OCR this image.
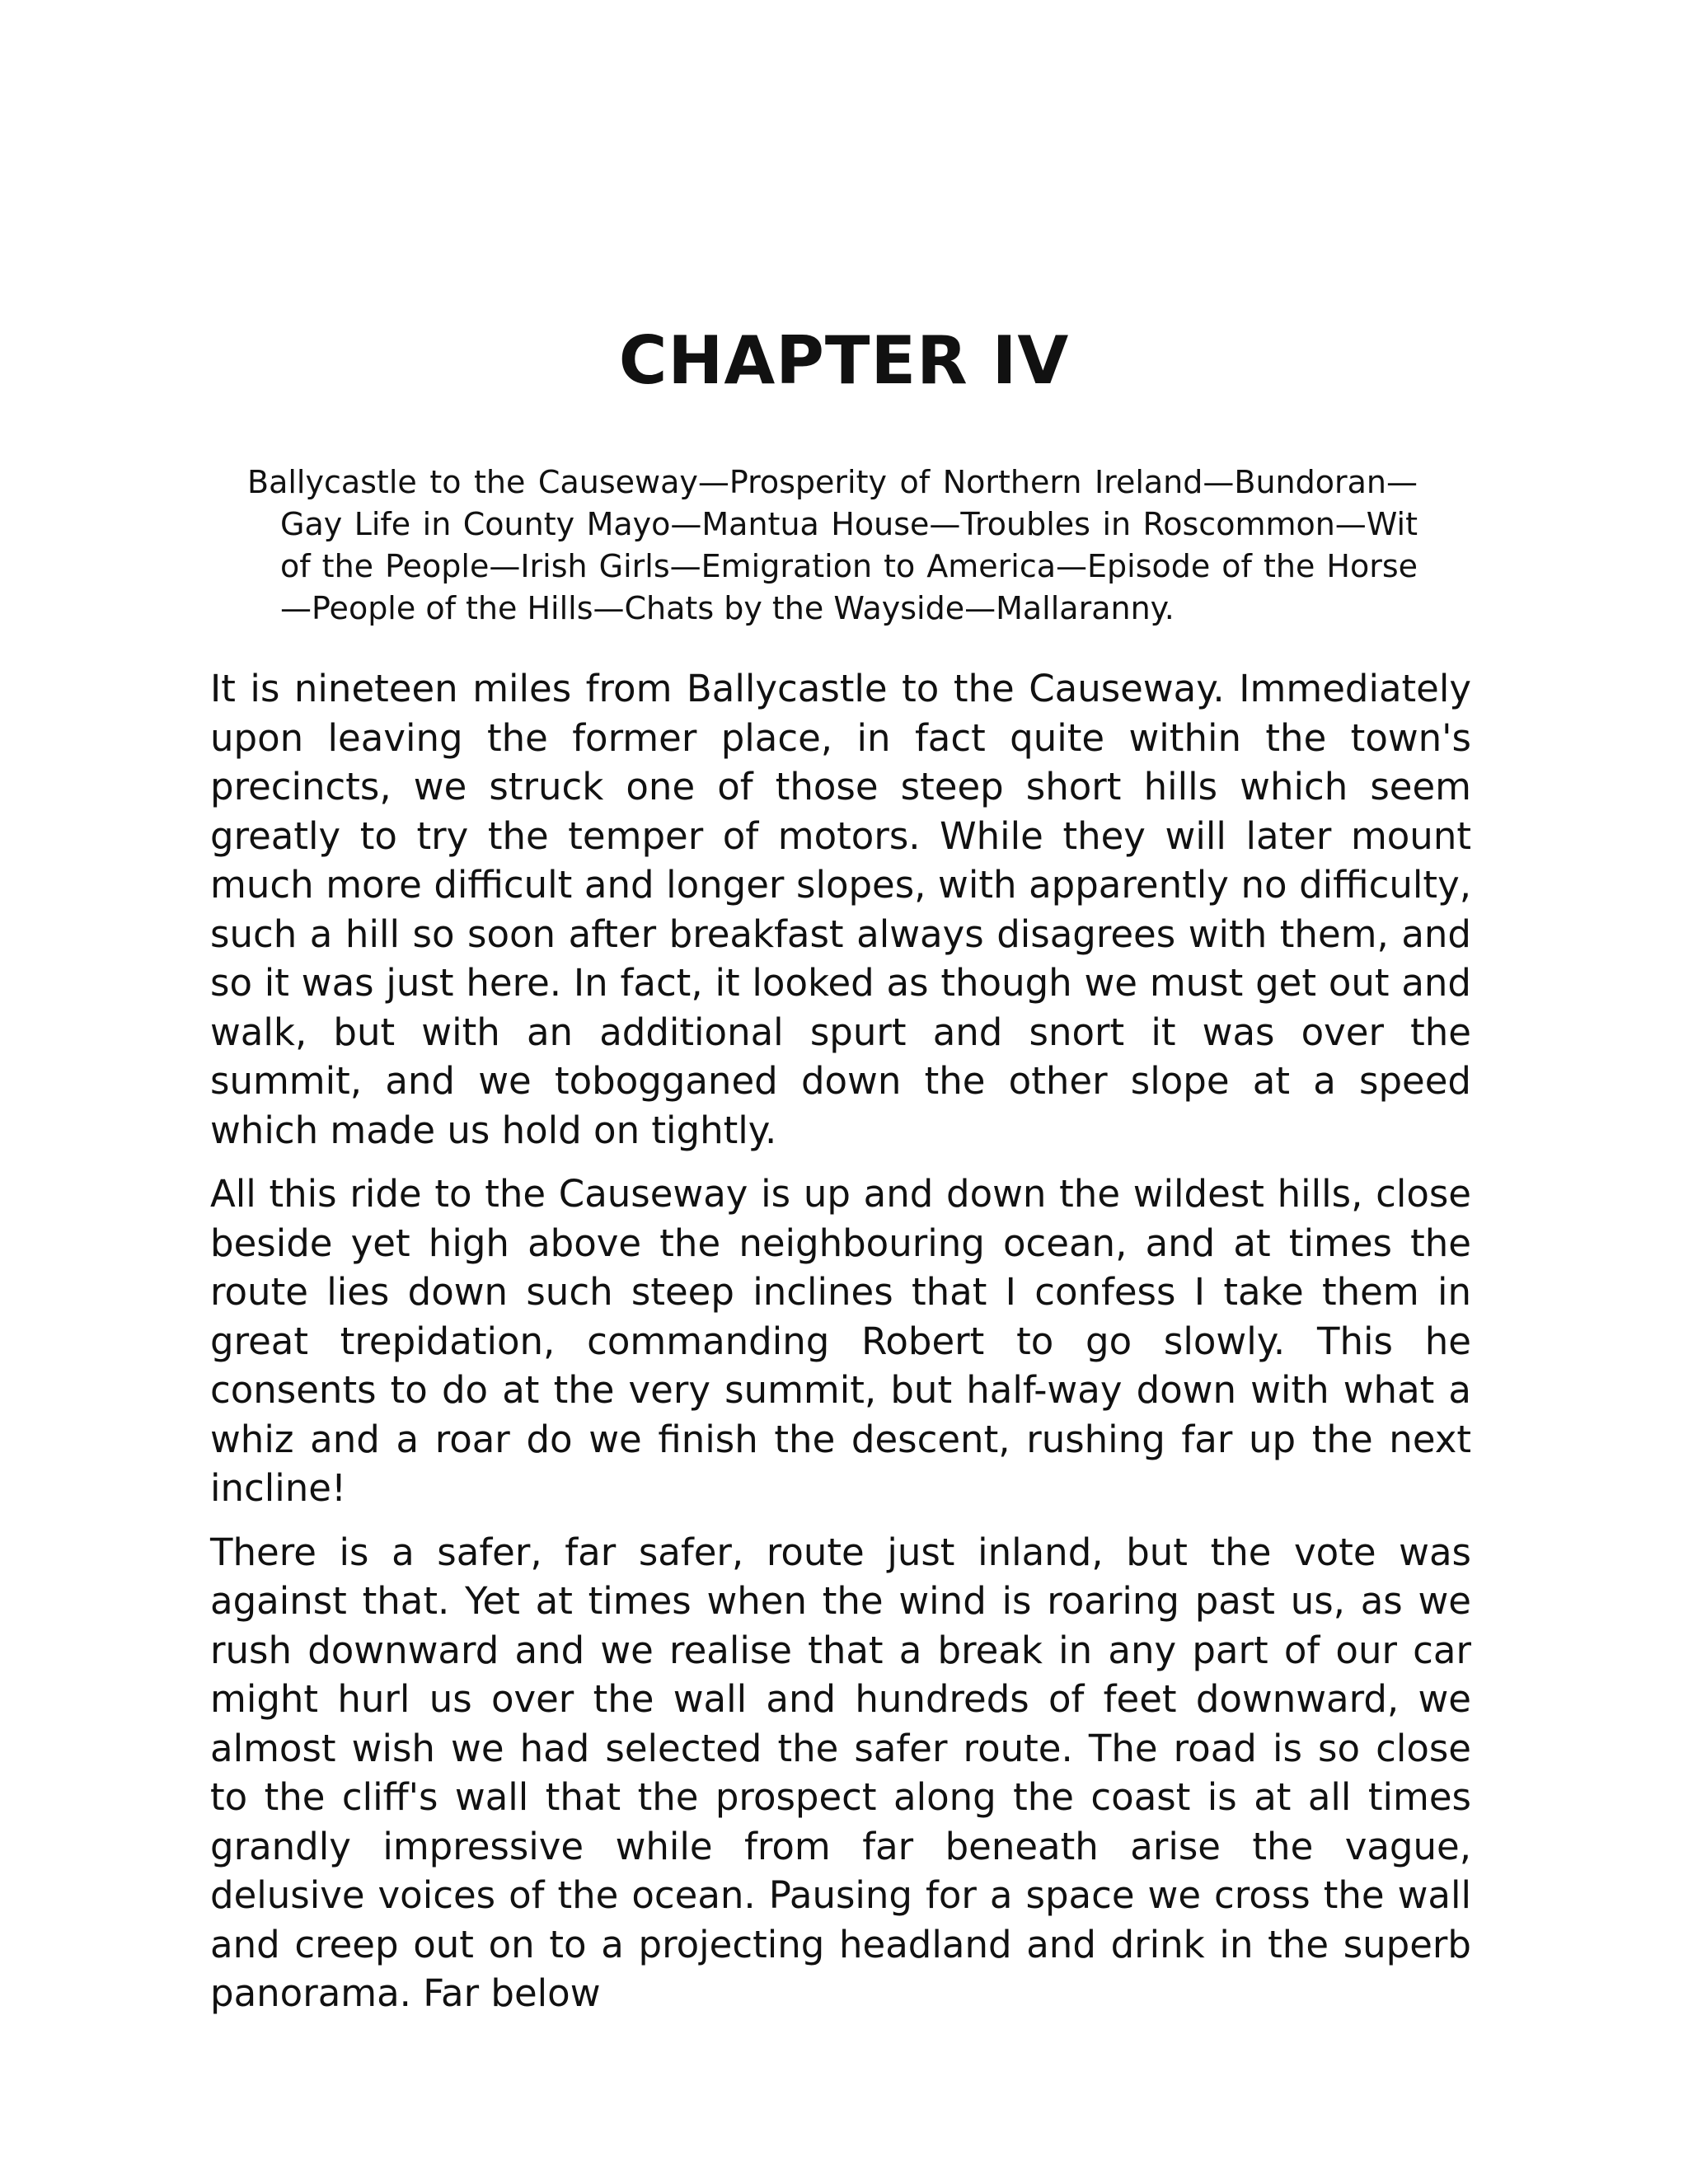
CHAPTER IV

Ballycastle to the Causeway—Prosperity of Northern Ireland—Bundoran—Gay Life in County Mayo—Mantua House—Troubles in Roscommon—Wit of the People—Irish Girls—Emigration to America—Episode of the Horse—People of the Hills—Chats by the Wayside—Mallaranny.

It is nineteen miles from Ballycastle to the Causeway. Immediately upon leaving the former place, in fact quite within the town's precincts, we struck one of those steep short hills which seem greatly to try the temper of motors. While they will later mount much more difficult and longer slopes, with apparently no difficulty, such a hill so soon after breakfast always disagrees with them, and so it was just here. In fact, it looked as though we must get out and walk, but with an additional spurt and snort it was over the summit, and we tobogganed down the other slope at a speed which made us hold on tightly.

All this ride to the Causeway is up and down the wildest hills, close beside yet high above the neighbouring ocean, and at times the route lies down such steep inclines that I confess I take them in great trepidation, commanding Robert to go slowly. This he consents to do at the very summit, but half-way down with what a whiz and a roar do we finish the descent, rushing far up the next incline!

There is a safer, far safer, route just inland, but the vote was against that. Yet at times when the wind is roaring past us, as we rush downward and we realise that a break in any part of our car might hurl us over the wall and hundreds of feet downward, we almost wish we had selected the safer route. The road is so close to the cliff's wall that the prospect along the coast is at all times grandly impressive while from far beneath arise the vague, delusive voices of the ocean. Pausing for a space we cross the wall and creep out on to a projecting headland and drink in the superb panorama. Far below
